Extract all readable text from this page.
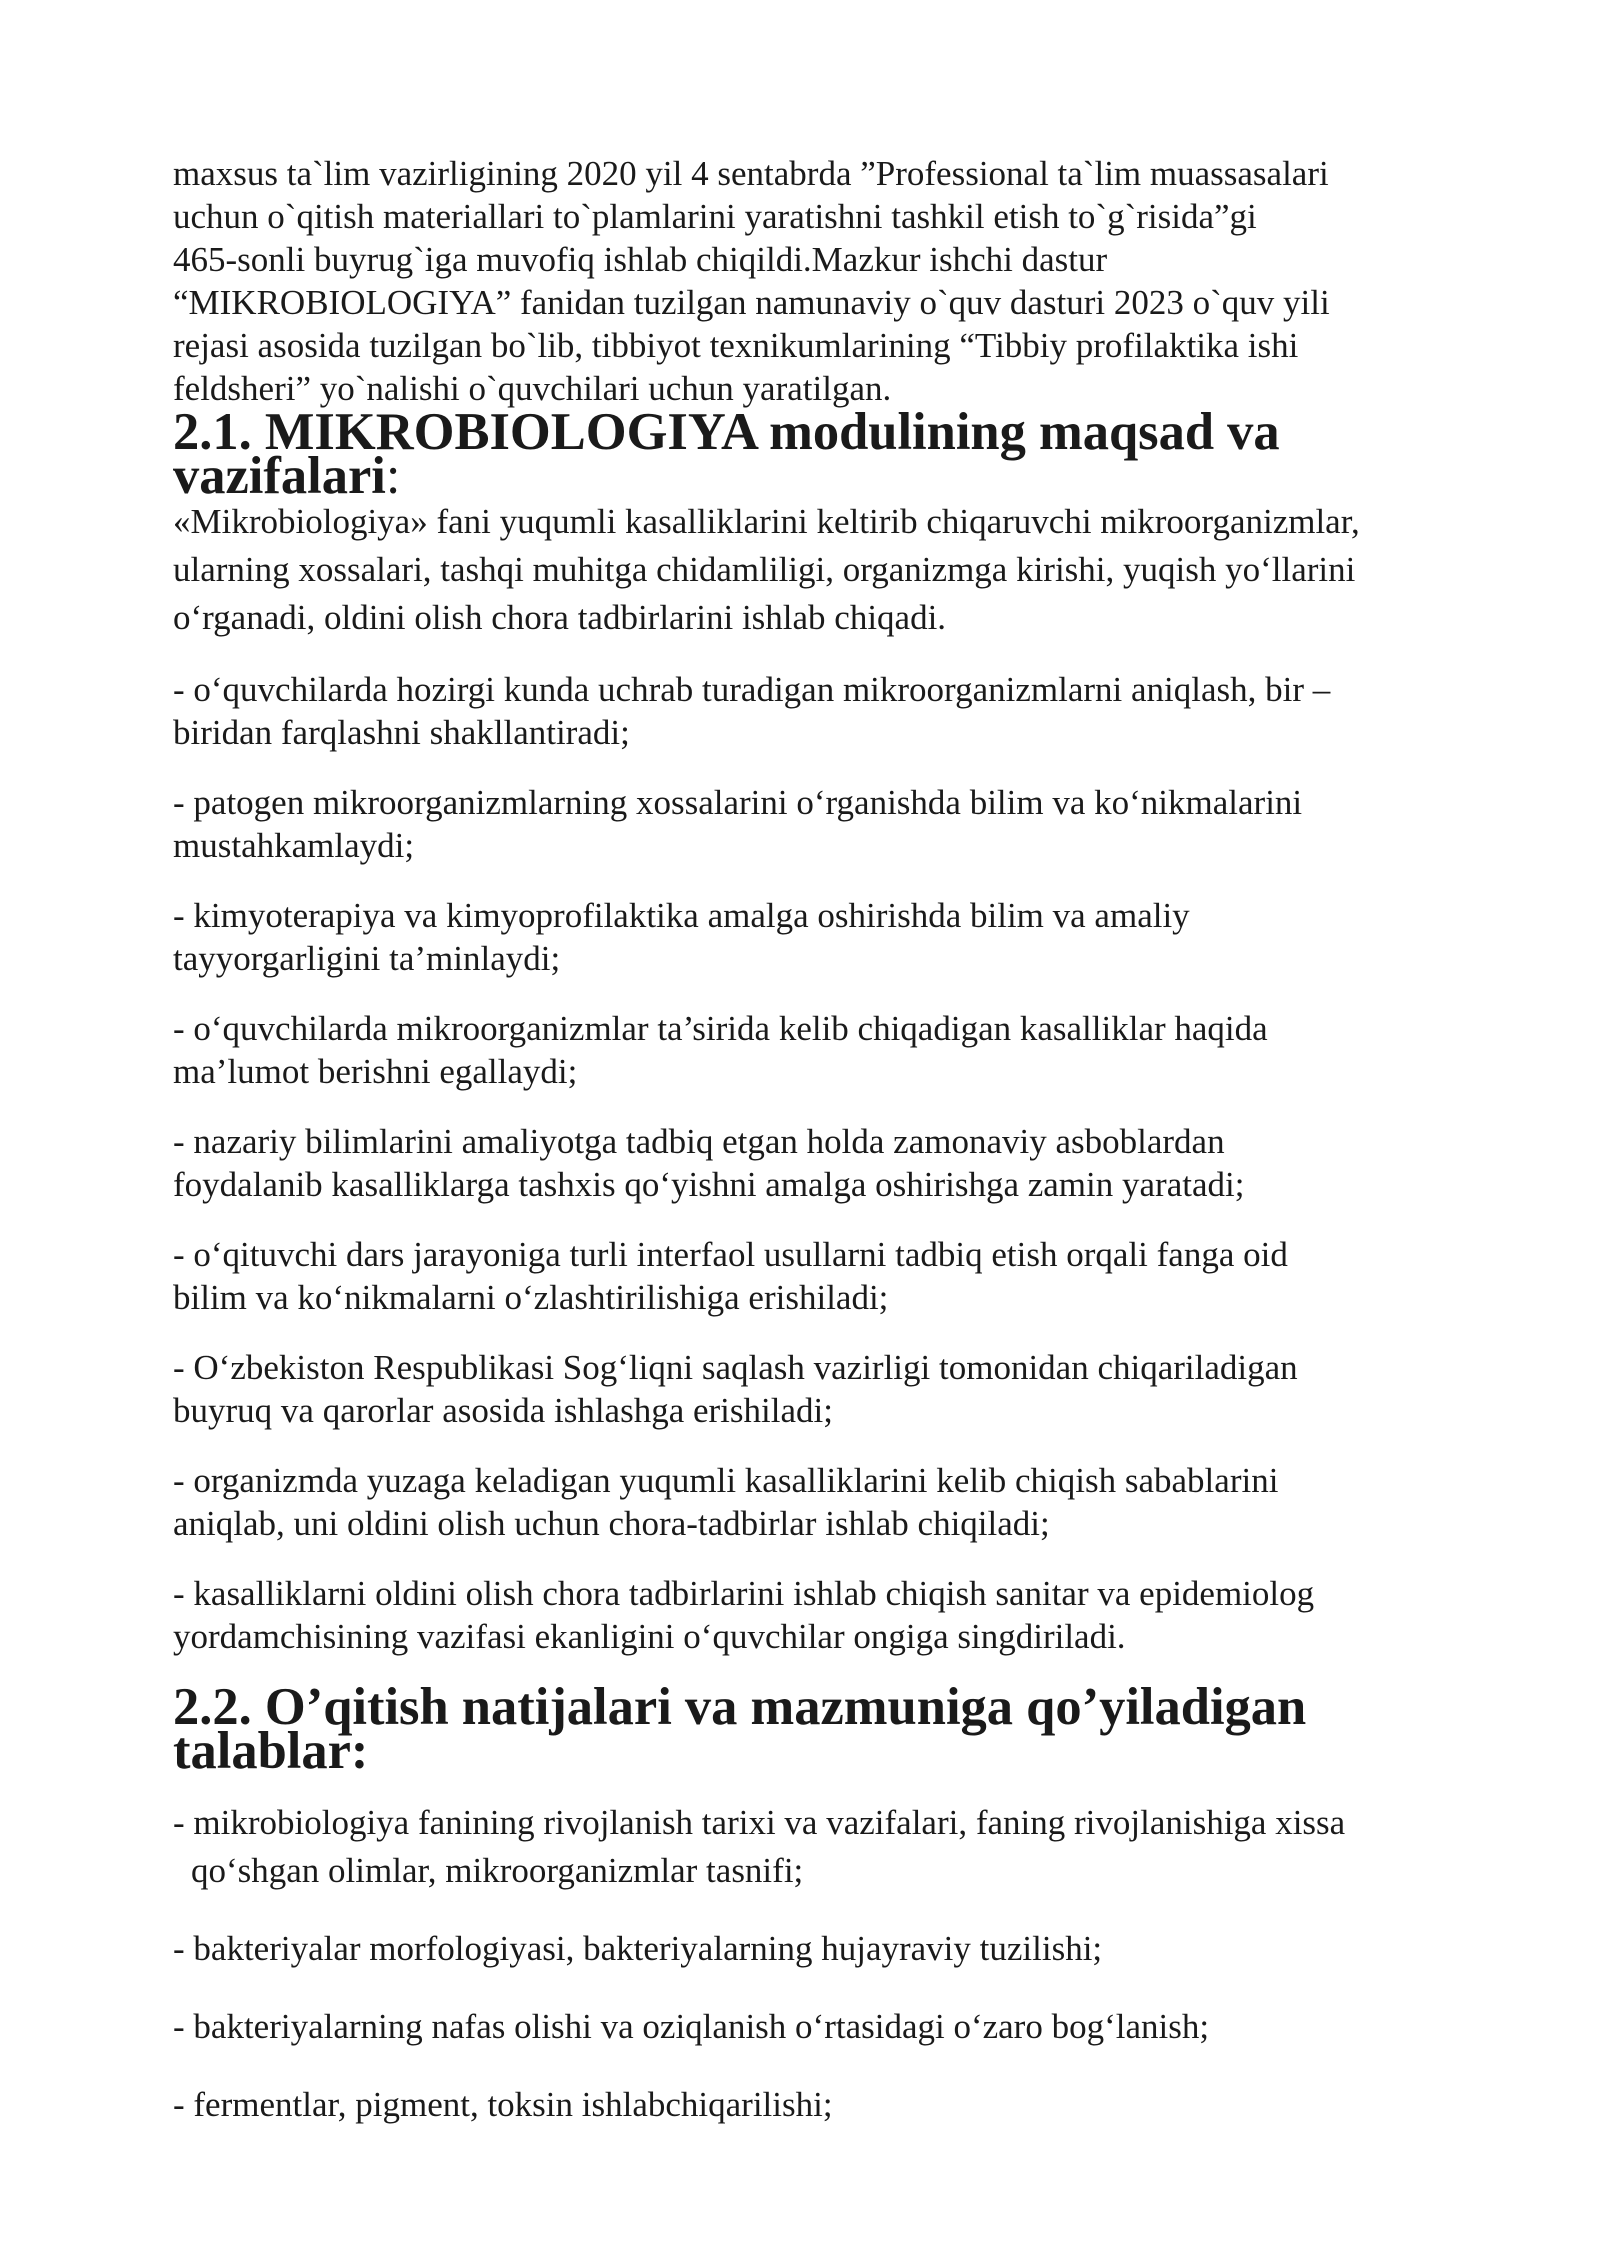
maxsus ta`lim vazirligining 2020 yil 4 sentabrda ”Professional ta`lim muassasalari

uchun o`qitish materiallari to`plamlarini yaratishni tashkil etish to`g`risida”gi

465-sonli buyrug`iga muvofiq ishlab chiqildi.Mazkur ishchi dastur

“MIKROBIOLOGIYA” fanidan tuzilgan namunaviy o`quv dasturi 2023 o`quv yili

rejasi asosida tuzilgan bo`lib, tibbiyot texnikumlarining “Tibbiy profilaktika ishi

feldsheri” yo`nalishi o`quvchilari uchun yaratilgan.

2.1. MIKROBIOLOGIYA modulining maqsad va vazifalari:
«Mikrobiologiya» fani yuqumli kasalliklarini keltirib chiqaruvchi mikroorganizmlar,
ularning xossalari, tashqi muhitga chidamliligi, organizmga kirishi, yuqish yo‘llarini
o‘rganadi, oldini olish chora tadbirlarini ishlab chiqadi.
- o‘quvchilarda hozirgi kunda uchrab turadigan mikroorganizmlarni aniqlash, bir –
biridan farqlashni shakllantiradi;
- patogen mikroorganizmlarning xossalarini o‘rganishda bilim va ko‘nikmalarini
mustahkamlaydi;
- kimyoterapiya va kimyoprofilaktika amalga oshirishda bilim va amaliy
tayyorgarligini ta’minlaydi;
- o‘quvchilarda mikroorganizmlar ta’sirida kelib chiqadigan kasalliklar haqida
ma’lumot berishni egallaydi;
- nazariy bilimlarini amaliyotga tadbiq etgan holda zamonaviy asboblardan
foydalanib kasalliklarga tashxis qo‘yishni amalga oshirishga zamin yaratadi;
- o‘qituvchi dars jarayoniga turli interfaol usullarni tadbiq etish orqali fanga oid
bilim va ko‘nikmalarni o‘zlashtirilishiga erishiladi;
- O‘zbekiston Respublikasi Sog‘liqni saqlash vazirligi tomonidan chiqariladigan
buyruq va qarorlar asosida ishlashga erishiladi;
- organizmda yuzaga keladigan yuqumli kasalliklarini kelib chiqish sabablarini
aniqlab, uni oldini olish uchun chora-tadbirlar ishlab chiqiladi;
- kasalliklarni oldini olish chora tadbirlarini ishlab chiqish sanitar va epidemiolog
yordamchisining vazifasi ekanligini o‘quvchilar ongiga singdiriladi.
2.2. O’qitish natijalari va mazmuniga qo’yiladigan talablar:
- mikrobiologiya fanining rivojlanish tarixi va vazifalari, faning rivojlanishiga xissa
qo‘shgan olimlar, mikroorganizmlar tasnifi;
- bakteriyalar morfologiyasi, bakteriyalarning hujayraviy tuzilishi;
- bakteriyalarning nafas olishi va oziqlanish o‘rtasidagi o‘zaro bog‘lanish;
- fermentlar, pigment, toksin ishlabchiqarilishi;
